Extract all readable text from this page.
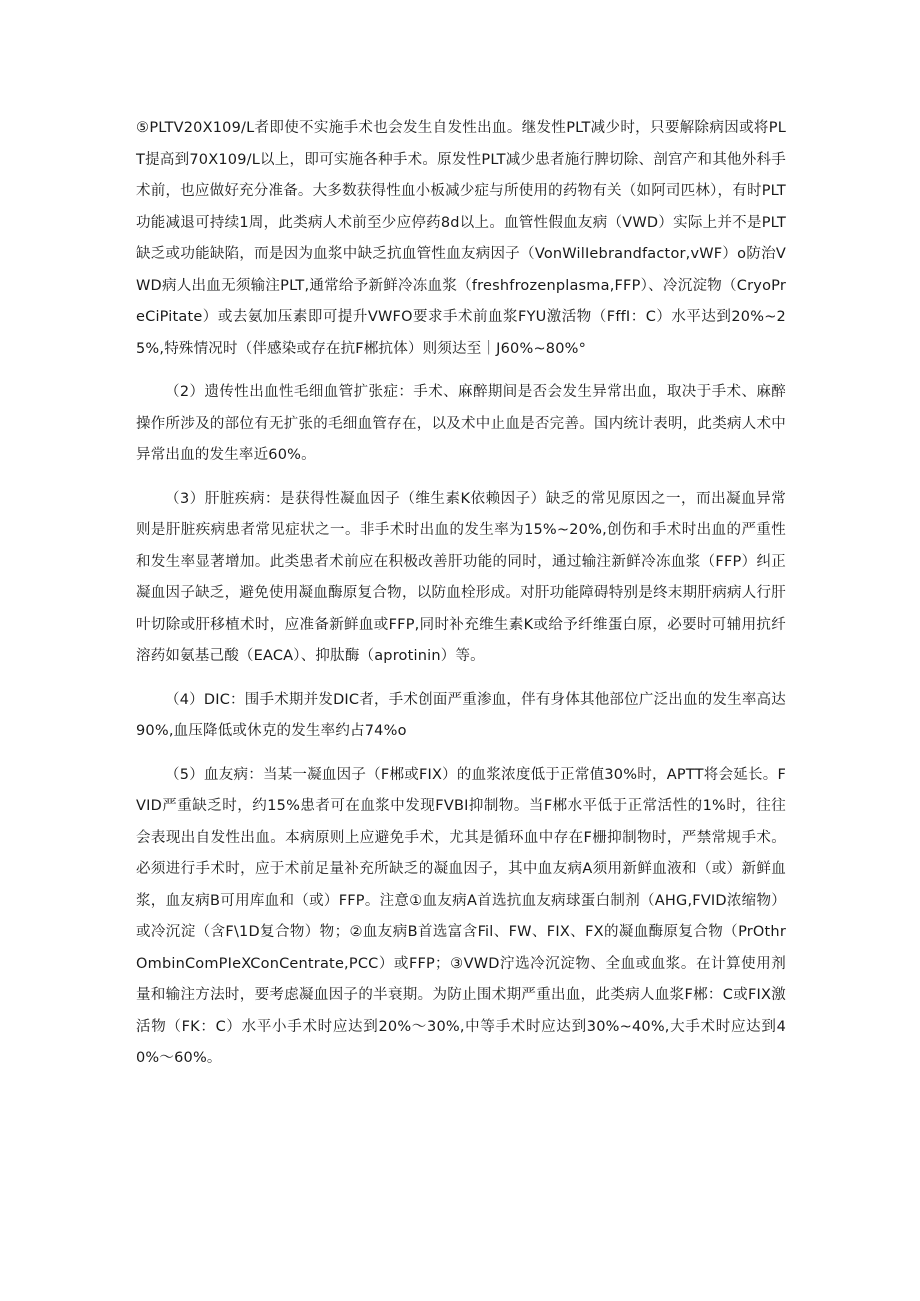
⑤PLTV20X109/L者即使不实施手术也会发生自发性出血。继发性PLT减少时，只要解除病因或将PLT提高到70X109/L以上，即可实施各种手术。原发性PLT减少患者施行脾切除、剖宫产和其他外科手术前，也应做好充分准备。大多数获得性血小板减少症与所使用的药物有关（如阿司匹林），有时PLT功能减退可持续1周，此类病人术前至少应停药8d以上。血管性假血友病（VWD）实际上并不是PLT缺乏或功能缺陷，而是因为血浆中缺乏抗血管性血友病因子（VonWilIebrandfactor,vWF）o防治VWD病人出血无须输注PLT,通常给予新鲜冷冻血浆（freshfrozenplasma,FFP）、冷沉淀物（CryoPreCiPitate）或去氨加压素即可提升VWFO要求手术前血浆FYU激活物（FffI：C）水平达到20%~25%,特殊情况时（伴感染或存在抗F郴抗体）则须达至｜J60%~80%°

（2）遗传性出血性毛细血管扩张症：手术、麻醉期间是否会发生异常出血，取决于手术、麻醉操作所涉及的部位有无扩张的毛细血管存在，以及术中止血是否完善。国内统计表明，此类病人术中异常出血的发生率近60%。

（3）肝脏疾病：是获得性凝血因子（维生素K依赖因子）缺乏的常见原因之一，而出凝血异常则是肝脏疾病患者常见症状之一。非手术时出血的发生率为15%~20%,创伤和手术时出血的严重性和发生率显著增加。此类患者术前应在积极改善肝功能的同时，通过输注新鲜冷冻血浆（FFP）纠正凝血因子缺乏，避免使用凝血酶原复合物，以防血栓形成。对肝功能障碍特别是终末期肝病病人行肝叶切除或肝移植术时，应准备新鲜血或FFP,同时补充维生素K或给予纤维蛋白原，必要时可辅用抗纤溶药如氨基己酸（EACA）、抑肽酶（aprotinin）等。

（4）DIC：围手术期并发DIC者，手术创面严重渗血，伴有身体其他部位广泛出血的发生率高达90%,血压降低或休克的发生率约占74%o

（5）血友病：当某一凝血因子（F郴或FIX）的血浆浓度低于正常值30%时，APTT将会延长。FVID严重缺乏时，约15%患者可在血浆中发现FVBI抑制物。当F郴水平低于正常活性的1%时，往往会表现出自发性出血。本病原则上应避免手术，尤其是循环血中存在F栅抑制物时，严禁常规手术。必须进行手术时，应于术前足量补充所缺乏的凝血因子，其中血友病A须用新鲜血液和（或）新鲜血浆，血友病B可用库血和（或）FFP。注意①血友病A首选抗血友病球蛋白制剂（AHG,FVID浓缩物）或冷沉淀（含F\1D复合物）物；②血友病B首选富含Fil、FW、FIX、FX的凝血酶原复合物（PrOthrOmbinComPIeXConCentrate,PCC）或FFP；③VWD泞选冷沉淀物、全血或血浆。在计算使用剂量和输注方法时，要考虑凝血因子的半衰期。为防止围术期严重出血，此类病人血浆F郴：C或FIX激活物（FK：C）水平小手术时应达到20%～30%,中等手术时应达到30%~40%,大手术时应达到40%～60%。
